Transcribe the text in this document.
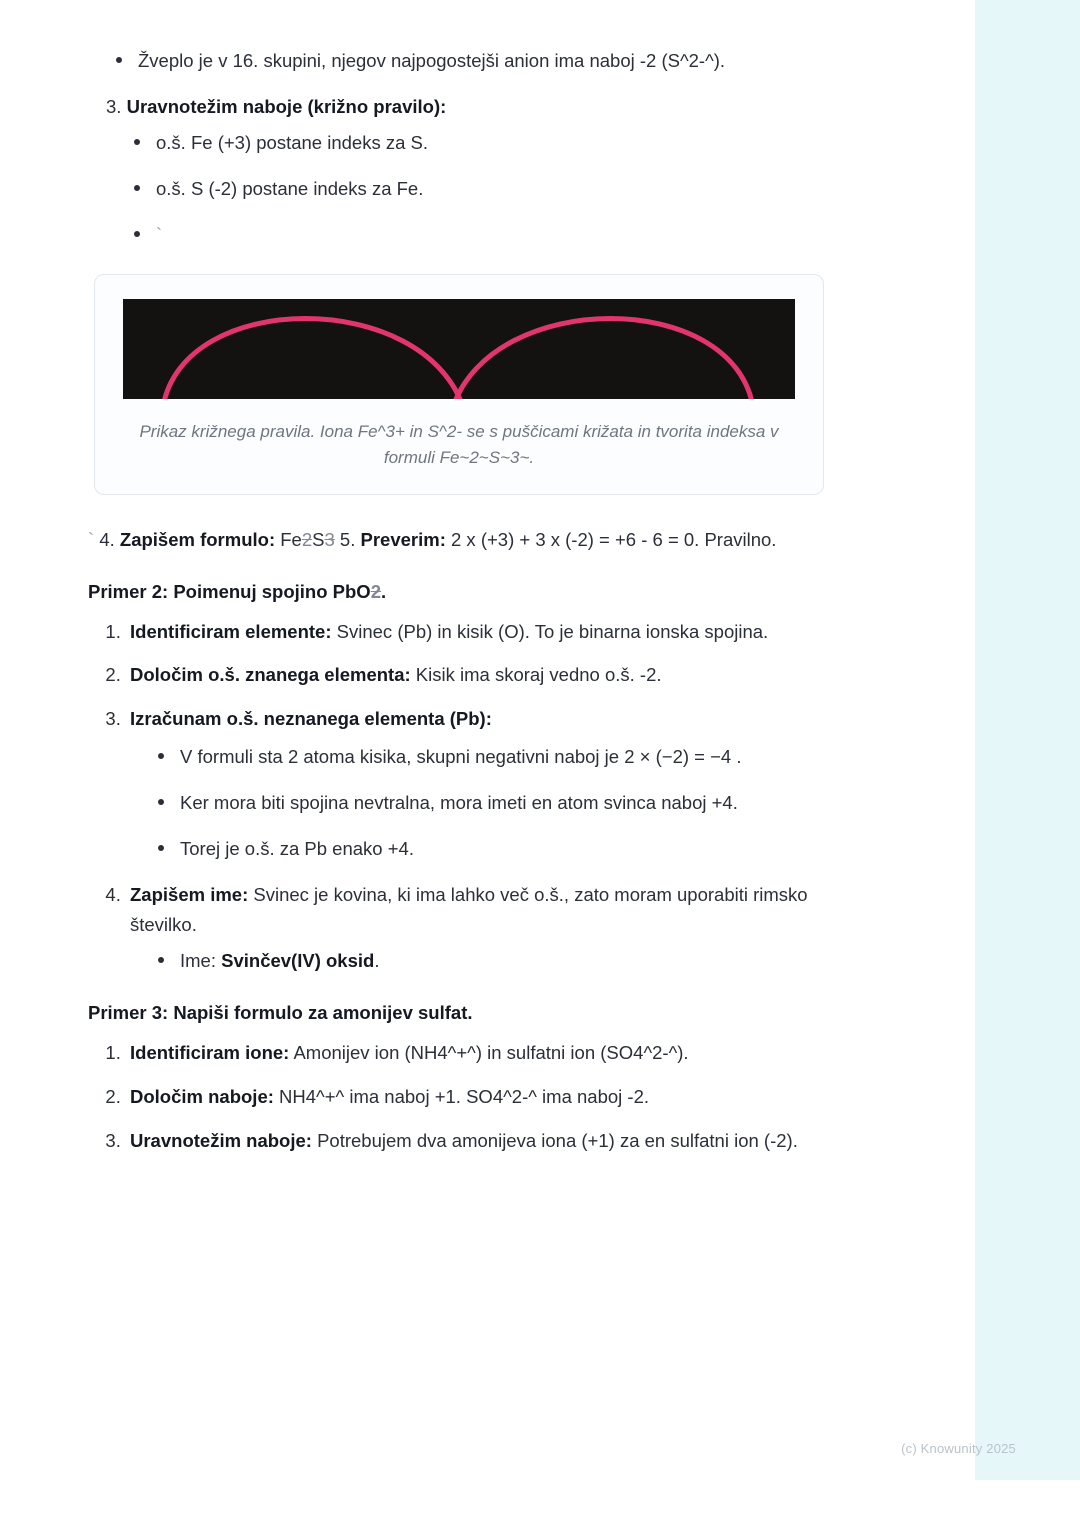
Žveplo je v 16. skupini, njegov najpogostejši anion ima naboj -2 (S^2-^).
3. Uravnotežim naboje (križno pravilo):
o.š. Fe (+3) postane indeks za S.
o.š. S (-2) postane indeks za Fe.
`
Prikaz križnega pravila. Iona Fe^3+ in S^2- se s puščicami križata in tvorita indeksa v formuli Fe~2~S~3~.
` 4. Zapišem formulo: Fe2S3 5. Preverim: 2 x (+3) + 3 x (-2) = +6 - 6 = 0. Pravilno.
Primer 2: Poimenuj spojino PbO2.
1. Identificiram elemente: Svinec (Pb) in kisik (O). To je binarna ionska spojina.
2. Določim o.š. znanega elementa: Kisik ima skoraj vedno o.š. -2.
3. Izračunam o.š. neznanega elementa (Pb):
V formuli sta 2 atoma kisika, skupni negativni naboj je 2 × (−2) = −4 .
Ker mora biti spojina nevtralna, mora imeti en atom svinca naboj +4.
Torej je o.š. za Pb enako +4.
4. Zapišem ime: Svinec je kovina, ki ima lahko več o.š., zato moram uporabiti rimsko številko.
Ime: Svinčev(IV) oksid.
Primer 3: Napiši formulo za amonijev sulfat.
1. Identificiram ione: Amonijev ion (NH4^+^) in sulfatni ion (SO4^2-^).
2. Določim naboje: NH4^+^ ima naboj +1. SO4^2-^ ima naboj -2.
3. Uravnotežim naboje: Potrebujem dva amonijeva iona (+1) za en sulfatni ion (-2).
(c) Knowunity 2025
